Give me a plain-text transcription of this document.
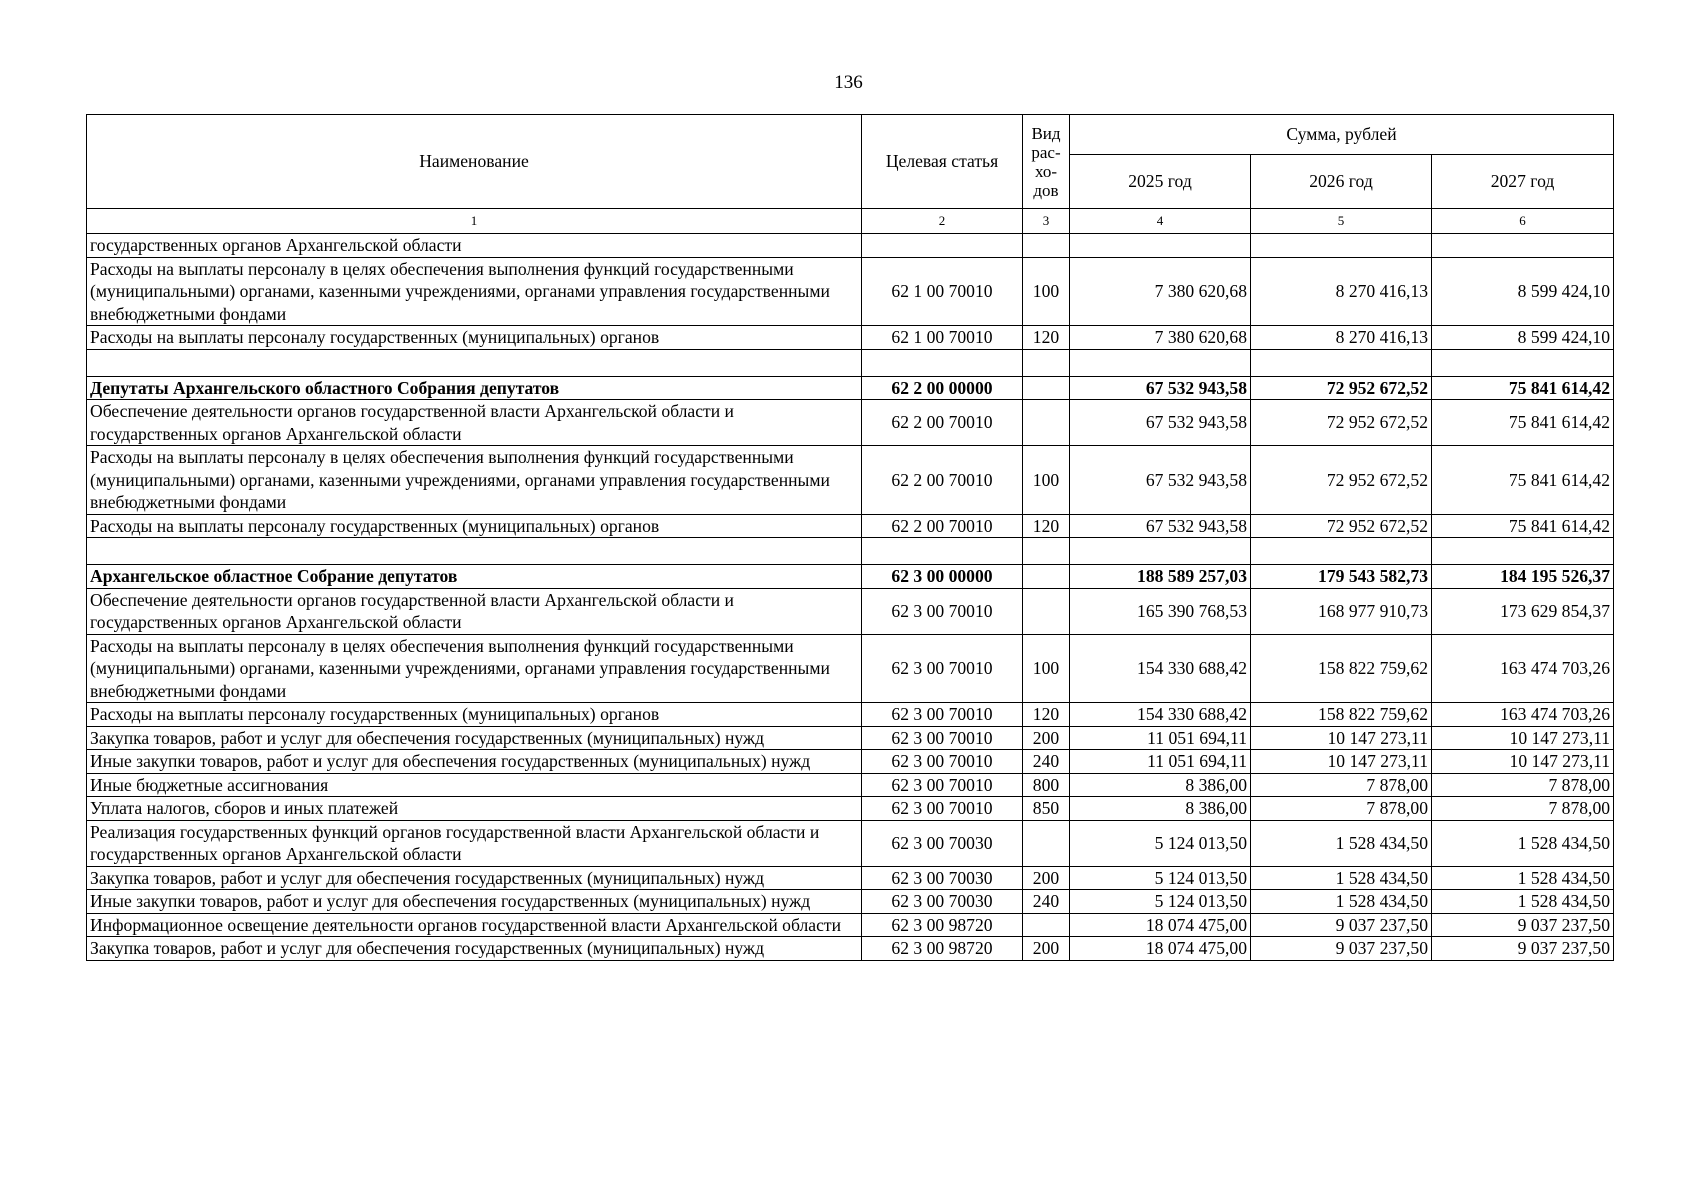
136
Наименование	Целевая статья	Вид рас-хо-дов	Сумма, рублей		
			2025 год	2026 год	2027 год
1	2	3	4	5	6
государственных органов Архангельской области					
Расходы на выплаты персоналу в целях обеспечения выполнения функций государственными (муниципальными) органами, казенными учреждениями, органами управления государственными внебюджетными фондами	62 1 00 70010	100	7 380 620,68	8 270 416,13	8 599 424,10
Расходы на выплаты персоналу государственных (муниципальных) органов	62 1 00 70010	120	7 380 620,68	8 270 416,13	8 599 424,10

Депутаты Архангельского областного Собрания депутатов	62 2 00 00000		67 532 943,58	72 952 672,52	75 841 614,42
Обеспечение деятельности органов государственной власти Архангельской области и государственных органов Архангельской области	62 2 00 70010		67 532 943,58	72 952 672,52	75 841 614,42
Расходы на выплаты персоналу в целях обеспечения выполнения функций государственными (муниципальными) органами, казенными учреждениями, органами управления государственными внебюджетными фондами	62 2 00 70010	100	67 532 943,58	72 952 672,52	75 841 614,42
Расходы на выплаты персоналу государственных (муниципальных) органов	62 2 00 70010	120	67 532 943,58	72 952 672,52	75 841 614,42

Архангельское областное Собрание депутатов	62 3 00 00000		188 589 257,03	179 543 582,73	184 195 526,37
Обеспечение деятельности органов государственной власти Архангельской области и государственных органов Архангельской области	62 3 00 70010		165 390 768,53	168 977 910,73	173 629 854,37
Расходы на выплаты персоналу в целях обеспечения выполнения функций государственными (муниципальными) органами, казенными учреждениями, органами управления государственными внебюджетными фондами	62 3 00 70010	100	154 330 688,42	158 822 759,62	163 474 703,26
Расходы на выплаты персоналу государственных (муниципальных) органов	62 3 00 70010	120	154 330 688,42	158 822 759,62	163 474 703,26
Закупка товаров, работ и услуг для обеспечения государственных (муниципальных) нужд	62 3 00 70010	200	11 051 694,11	10 147 273,11	10 147 273,11
Иные закупки товаров, работ и услуг для обеспечения государственных (муниципальных) нужд	62 3 00 70010	240	11 051 694,11	10 147 273,11	10 147 273,11
Иные бюджетные ассигнования	62 3 00 70010	800	8 386,00	7 878,00	7 878,00
Уплата налогов, сборов и иных платежей	62 3 00 70010	850	8 386,00	7 878,00	7 878,00
Реализация государственных функций органов государственной власти Архангельской области и государственных органов Архангельской области	62 3 00 70030		5 124 013,50	1 528 434,50	1 528 434,50
Закупка товаров, работ и услуг для обеспечения государственных (муниципальных) нужд	62 3 00 70030	200	5 124 013,50	1 528 434,50	1 528 434,50
Иные закупки товаров, работ и услуг для обеспечения государственных (муниципальных) нужд	62 3 00 70030	240	5 124 013,50	1 528 434,50	1 528 434,50
Информационное освещение деятельности органов государственной власти Архангельской области	62 3 00 98720		18 074 475,00	9 037 237,50	9 037 237,50
Закупка товаров, работ и услуг для обеспечения государственных (муниципальных) нужд	62 3 00 98720	200	18 074 475,00	9 037 237,50	9 037 237,50
